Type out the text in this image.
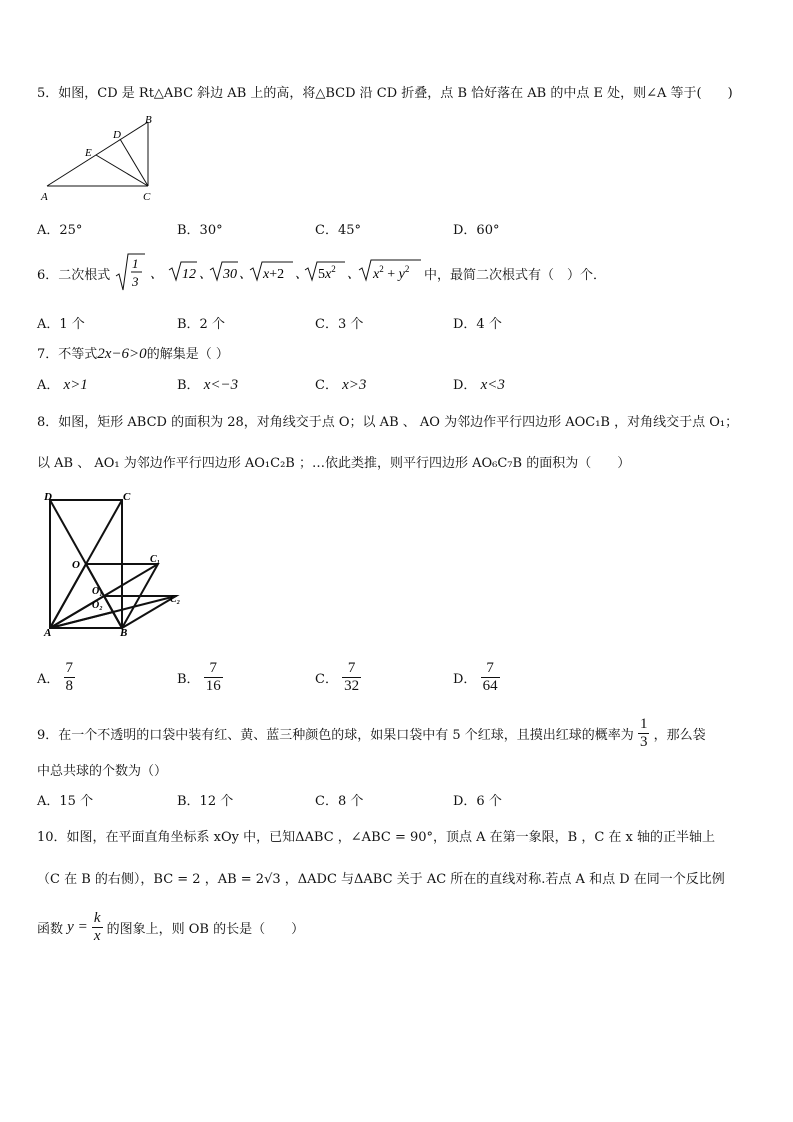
5．如图，CD 是 Rt△ABC 斜边 AB 上的高，将△BCD 沿 CD 折叠，点 B 恰好落在 AB 的中点 E 处，则∠A 等于(　　)
A	C
B
D
E
A．25°	B．30°	C．45°	D．60°
6．二次根式
1
3
、 12 、 30 、 x+2 、 $5x^2$ 、 $x^2 + y^2$ 中，最简二次根式有（　）个．
A．1 个	B．2 个	C．3 个	D．4 个
7．不等式2x−6>0的解集是（ ）
A． x>1	B． x<−3	C． x>3	D． x<3
8．如图，矩形 ABCD 的面积为 28，对角线交于点 O；以 AB 、 AO 为邻边作平行四边形 AOC₁B ，对角线交于点 O₁；
以 AB 、 AO₁ 为邻边作平行四边形 AO₁C₂B ；…依此类推，则平行四边形 AO₆C₇B 的面积为（　　）
D	C
O	C₁
O₁
O₂
C₂
A	B
A． $\frac{7}{8}$	B． $\frac{7}{16}$	C． $\frac{7}{32}$	D． $\frac{7}{64}$
9．在一个不透明的口袋中装有红、黄、蓝三种颜色的球，如果口袋中有 5 个红球，且摸出红球的概率为 $\frac{1}{3}$ ，那么袋
中总共球的个数为（）
A．15 个	B．12 个	C．8 个	D．6 个
10．如图，在平面直角坐标系 xOy 中，已知ΔABC ，∠ABC = 90°，顶点 A 在第一象限，B ，C 在 x 轴的正半轴上
（C 在 B 的右侧），BC = 2 ，AB = 2√3 ，ΔADC 与ΔABC 关于 AC 所在的直线对称.若点 A 和点 D 在同一个反比例
函数 $y = \frac{k}{x}$ 的图象上，则 OB 的长是（　　）
